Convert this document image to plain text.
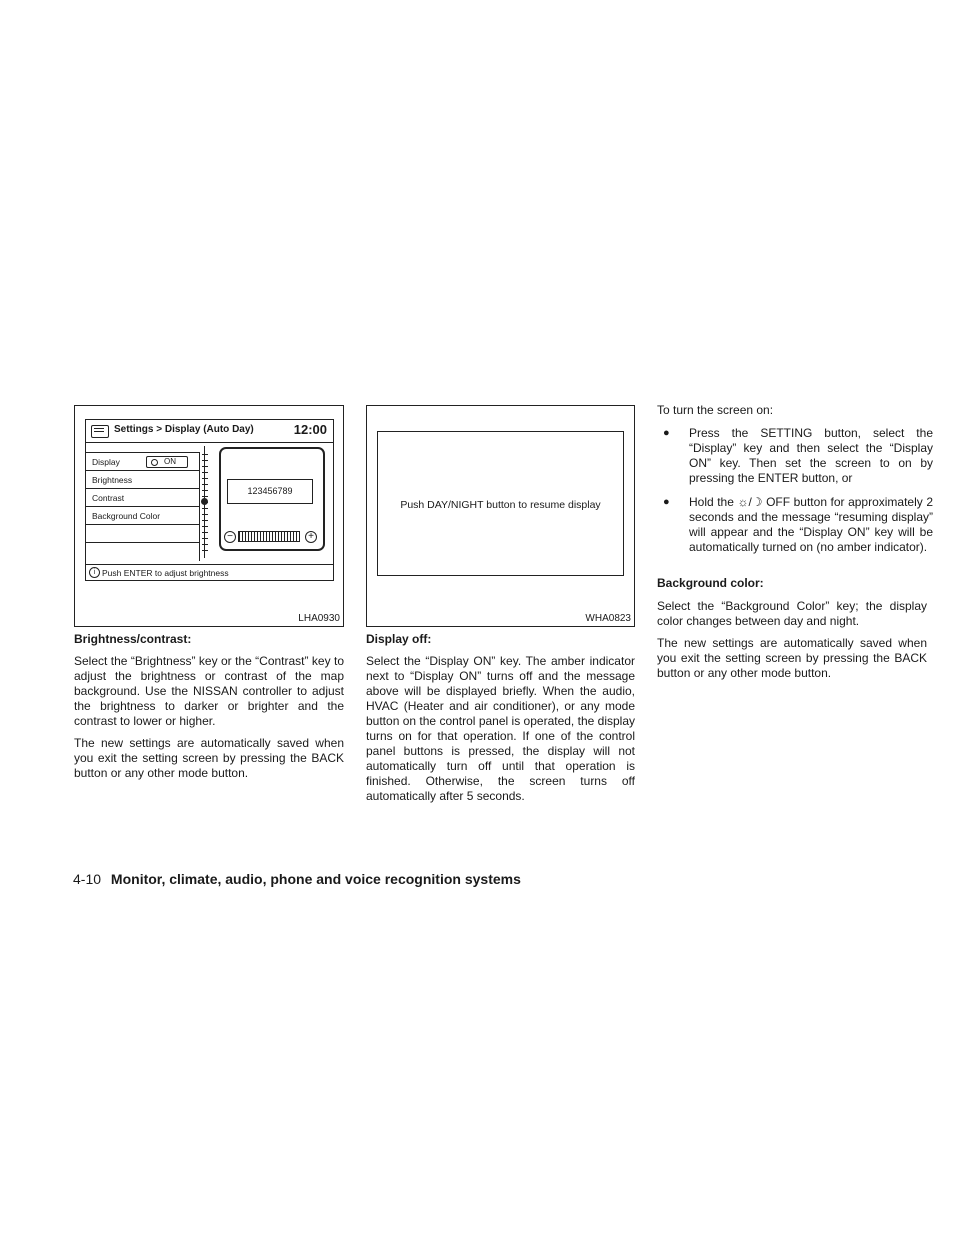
Settings > Display (Auto Day)	12:00
Display	ON
Brightness
Contrast
Background Color
123456789
−	+
i Push ENTER to adjust brightness
LHA0930
Push DAY/NIGHT button to resume display
WHA0823
Brightness/contrast:

Select the “Brightness” key or the “Contrast” key to adjust the brightness or contrast of the map background. Use the NISSAN controller to adjust the brightness to darker or brighter and the contrast to lower or higher.

The new settings are automatically saved when you exit the setting screen by pressing the BACK button or any other mode button.

Display off:

Select the “Display ON” key. The amber indicator next to “Display ON” turns off and the message above will be displayed briefly. When the audio, HVAC (Heater and air conditioner), or any mode button on the control panel is operated, the display turns on for that operation. If one of the control panel buttons is pressed, the display will not automatically turn off until that operation is finished. Otherwise, the screen turns off automatically after 5 seconds.

To turn the screen on:

● Press the SETTING button, select the “Display” key and then select the “Display ON” key. Then set the screen to on by pressing the ENTER button, or
● Hold the ☼/☽ OFF button for approximately 2 seconds and the message “resuming display” will appear and the “Display ON” key will be automatically turned on (no amber indicator).
Background color:

Select the “Background Color” key; the display color changes between day and night.

The new settings are automatically saved when you exit the setting screen by pressing the BACK button or any other mode button.

4-10 Monitor, climate, audio, phone and voice recognition systems
